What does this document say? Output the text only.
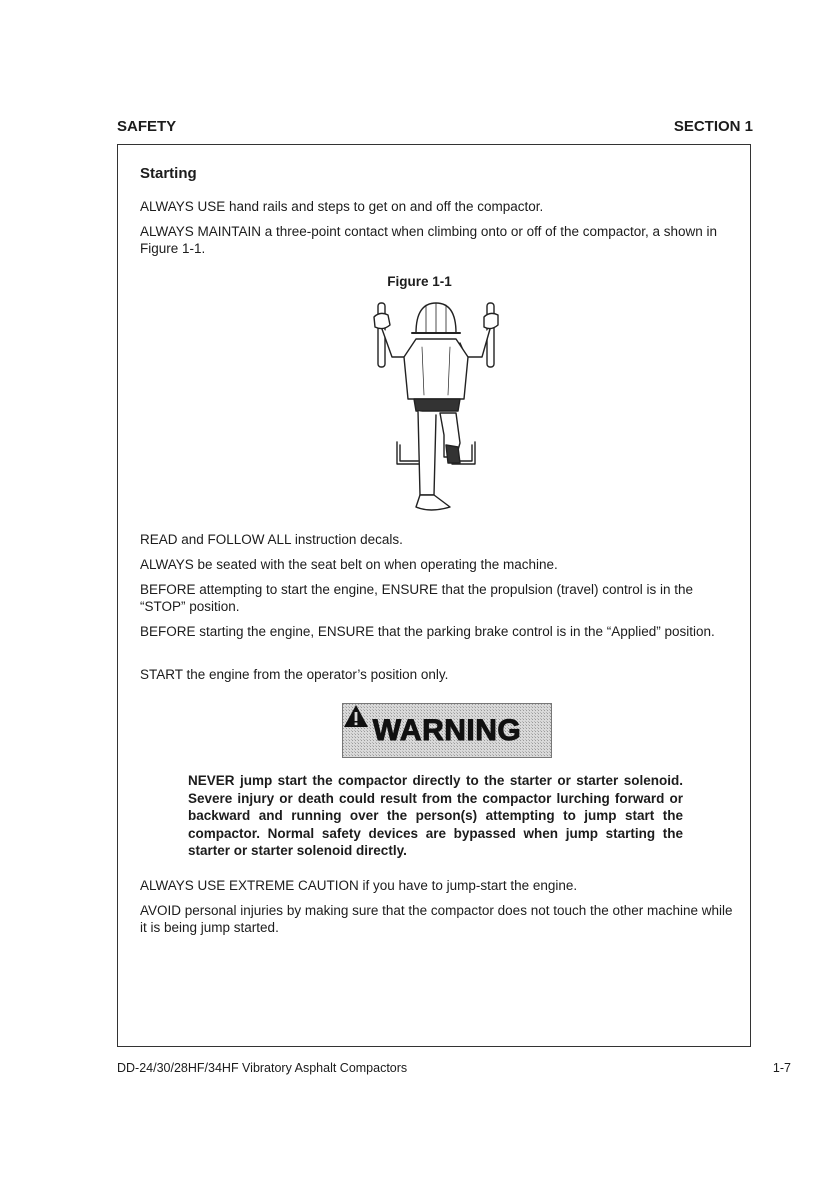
SAFETY	SECTION 1
Starting
ALWAYS USE hand rails and steps to get on and off the compactor.
ALWAYS MAINTAIN a three-point contact when climbing onto or off of the compactor, a shown in Figure 1-1.
Figure 1-1
READ and FOLLOW ALL instruction decals.
ALWAYS be seated with the seat belt on when operating the machine.
BEFORE attempting to start the engine, ENSURE that the propulsion (travel) control is in the “STOP” position.
BEFORE starting the engine, ENSURE that the parking brake control is in the “Applied” position.
START the engine from the operator’s position only.
WARNING
NEVER jump start the compactor directly to the starter or starter solenoid. Severe injury or death could result from the compactor lurching forward or backward and running over the person(s) attempting to jump start the compactor. Normal safety devices are bypassed when jump starting the starter or starter solenoid directly.
ALWAYS USE EXTREME CAUTION if you have to jump-start the engine.
AVOID personal injuries by making sure that the compactor does not touch the other machine while it is being jump started.
DD-24/30/28HF/34HF Vibratory Asphalt Compactors	1-7
